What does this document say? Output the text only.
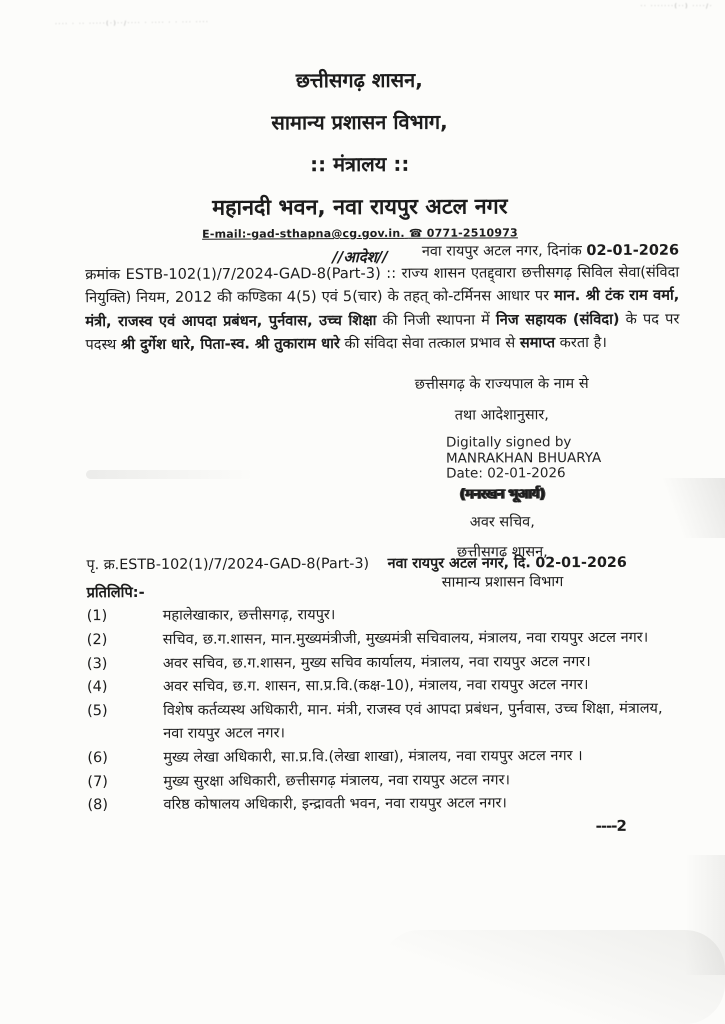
···· · ·· ·····(·)··/···· · ···· · · ··· ····
·· ·······(··) ····/·
छत्तीसगढ़ शासन,
सामान्य प्रशासन विभाग,
:: मंत्रालय ::
महानदी भवन, नवा रायपुर अटल नगर
E-mail:-gad-sthapna@cg.gov.in. ☎ 0771-2510973
//आदेश//	नवा रायपुर अटल नगर, दिनांक 02-01-2026
क्रमांक ESTB-102(1)/7/2024-GAD-8(Part-3) :: राज्य शासन एतद्द्वारा छत्तीसगढ़ सिविल सेवा(संविदा नियुक्ति) नियम, 2012 की कण्डिका 4(5) एवं 5(चार) के तहत् को-टर्मिनस आधार पर मान. श्री टंक राम वर्मा, मंत्री, राजस्व एवं आपदा प्रबंधन, पुर्नवास, उच्च शिक्षा की निजी स्थापना में निज सहायक (संविदा) के पद पर पदस्थ श्री दुर्गेश धारे, पिता-स्व. श्री तुकाराम धारे की संविदा सेवा तत्काल प्रभाव से समाप्त करता है।
छत्तीसगढ़ के राज्यपाल के नाम से
तथा आदेशानुसार,
Digitally signed by
MANRAKHAN BHUARYA
Date: 02-01-2026
(मनरखन भूआर्य)
अवर सचिव,
छत्तीसगढ़ शासन,
सामान्य प्रशासन विभाग
पृ. क्र.ESTB-102(1)/7/2024-GAD-8(Part-3) नवा रायपुर अटल नगर, दि. 02-01-2026
प्रतिलिपि:-
(1)	महालेखाकार, छत्तीसगढ़, रायपुर।
(2)	सचिव, छ.ग.शासन, मान.मुख्यमंत्रीजी, मुख्यमंत्री सचिवालय, मंत्रालय, नवा रायपुर अटल नगर।
(3)	अवर सचिव, छ.ग.शासन, मुख्य सचिव कार्यालय, मंत्रालय, नवा रायपुर अटल नगर।
(4)	अवर सचिव, छ.ग. शासन, सा.प्र.वि.(कक्ष-10), मंत्रालय, नवा रायपुर अटल नगर।
(5)	विशेष कर्तव्यस्थ अधिकारी, मान. मंत्री, राजस्व एवं आपदा प्रबंधन, पुर्नवास, उच्च शिक्षा, मंत्रालय, नवा रायपुर अटल नगर।
(6)	मुख्य लेखा अधिकारी, सा.प्र.वि.(लेखा शाखा), मंत्रालय, नवा रायपुर अटल नगर ।
(7)	मुख्य सुरक्षा अधिकारी, छत्तीसगढ़ मंत्रालय, नवा रायपुर अटल नगर।
(8)	वरिष्ठ कोषालय अधिकारी, इन्द्रावती भवन, नवा रायपुर अटल नगर।
----2
